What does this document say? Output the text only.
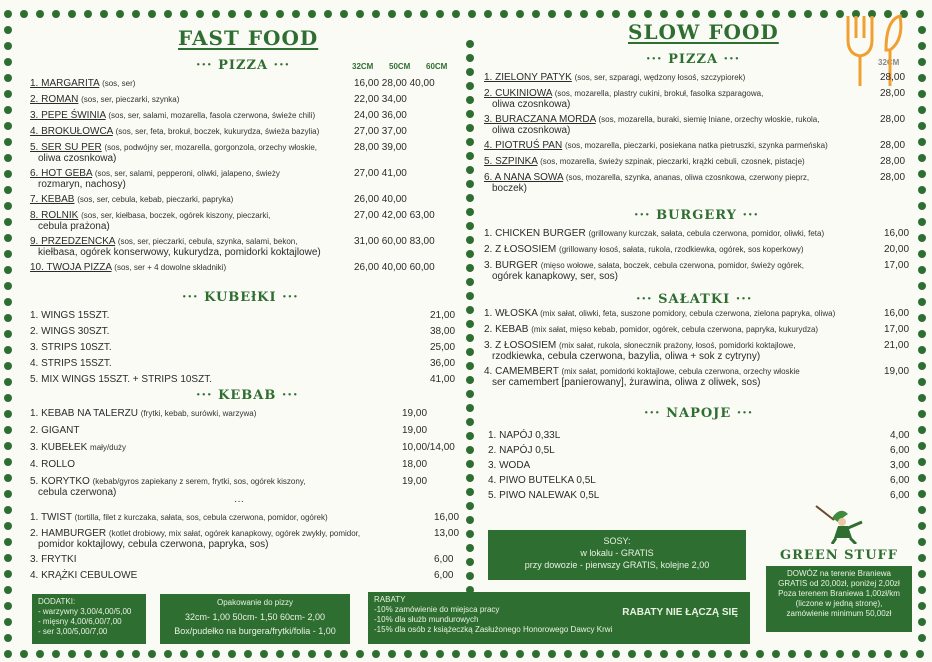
FAST FOOD
··· PIZZA ···	32CM 50CM 60CM
1. MARGARITA (sos, ser)	16,00 28,00 40,00
2. ROMAN (sos, ser, pieczarki, szynka)	22,00 34,00
3. PEPE ŚWINIA (sos, ser, salami, mozarella, fasola czerwona, świeże chili)	24,00 36,00
4. BROKUŁOWCA (sos, ser, feta, brokuł, boczek, kukurydza, świeża bazylia)	27,00 37,00
5. SER SU PER (sos, podwójny ser, mozarella, gorgonzola, orzechy włoskie,	28,00 39,00
oliwa czosnkowa)
6. HOT GEBA (sos, ser, salami, pepperoni, oliwki, jalapeno, świeży	27,00 41,00
rozmaryn, nachosy)
7. KEBAB (sos, ser, cebula, kebab, pieczarki, papryka)	26,00 40,00
8. ROLNIK (sos, ser, kiełbasa, boczek, ogórek kiszony, pieczarki,	27,00 42,00 63,00
cebula prażona)
9. PRZEDZENCKA (sos, ser, pieczarki, cebula, szynka, salami, bekon,	31,00 60,00 83,00
kiełbasa, ogórek konserwowy, kukurydza, pomidorki koktajlowe)
10. TWOJA PIZZA (sos, ser + 4 dowolne składniki)	26,00 40,00 60,00
··· KUBEłKI ···
1. WINGS 15SZT.	21,00
2. WINGS 30SZT.	38,00
3. STRIPS 10SZT.	25,00
4. STRIPS 15SZT.	36,00
5. MIX WINGS 15SZT. + STRIPS 10SZT.	41,00
··· KEBAB ···
1. KEBAB NA TALERZU (frytki, kebab, surówki, warzywa)	19,00
2. GIGANT	19,00
3. KUBEŁEK mały/duży	10,00/14,00
4. ROLLO	18,00
5. KORYTKO (kebab/gyros zapiekany z serem, frytki, sos, ogórek kiszony,	19,00
cebula czerwona)
···
1. TWIST (tortilla, filet z kurczaka, sałata, sos, cebula czerwona, pomidor, ogórek)	16,00
2. HAMBURGER (kotlet drobiowy, mix sałat, ogórek kanapkowy, ogórek zwykły, pomidor,	13,00
pomidor koktajlowy, cebula czerwona, papryka, sos)
3. FRYTKI	6,00
4. KRĄŻKI CEBULOWE	6,00
DODATKI:
- warzywny 3,00/4,00/5,00
- mięsny 4,00/6,00/7,00
- ser 3,00/5,00/7,00
Opakowanie do pizzy
32cm- 1,00 50cm- 1,50 60cm- 2,00
Box/pudełko na burgera/frytki/folia - 1,00
SLOW FOOD
··· PIZZA ···	32CM
1. ZIELONY PATYK (sos, ser, szparagi, wędzony łosoś, szczypiorek)	28,00
2. CUKINIOWA (sos, mozarella, plastry cukini, brokuł, fasolka szparagowa,	28,00
oliwa czosnkowa)
3. BURACZANA MORDA (sos, mozarella, buraki, siemię lniane, orzechy włoskie, rukola,	28,00
oliwa czosnkowa)
4. PIOTRUŚ PAN (sos, mozarella, pieczarki, posiekana natka pietruszki, szynka parmeńska)	28,00
5. SZPINKA (sos, mozarella, świeży szpinak, pieczarki, krążki cebuli, czosnek, pistacje)	28,00
6. A NANA SOWA (sos, mozarella, szynka, ananas, oliwa czosnkowa, czerwony pieprz,	28,00
boczek)
··· BURGERY ···
1. CHICKEN BURGER (grillowany kurczak, sałata, cebula czerwona, pomidor, oliwki, feta)	16,00
2. Z ŁOSOSIEM (grillowany łosoś, sałata, rukola, rzodkiewka, ogórek, sos koperkowy)	20,00
3. BURGER (mięso wołowe, sałata, boczek, cebula czerwona, pomidor, świeży ogórek,	17,00
ogórek kanapkowy, ser, sos)
··· SAŁATKI ···
1. WŁOSKA (mix sałat, oliwki, feta, suszone pomidory, cebula czerwona, zielona papryka, oliwa)	16,00
2. KEBAB (mix sałat, mięso kebab, pomidor, ogórek, cebula czerwona, papryka, kukurydza)	17,00
3. Z ŁOSOSIEM (mix sałat, rukola, słonecznik prażony, łosoś, pomidorki koktajlowe,	21,00
rzodkiewka, cebula czerwona, bazylia, oliwa + sok z cytryny)
4. CAMEMBERT (mix sałat, pomidorki koktajlowe, cebula czerwona, orzechy włoskie	19,00
ser camembert [panierowany], żurawina, oliwa z oliwek, sos)
··· NAPOJE ···
1. NAPÓJ 0,33L	4,00
2. NAPÓJ 0,5L	6,00
3. WODA	3,00
4. PIWO BUTELKA 0,5L	6,00
5. PIWO NALEWAK 0,5L	6,00
SOSY:
w lokalu - GRATIS
przy dowozie - pierwszy GRATIS, kolejne 2,00
RABATY
-10% zamówienie do miejsca pracy
-10% dla służb mundurowych
-15% dla osób z książeczką Zasłużonego Honorowego Dawcy Krwi
RABATY NIE ŁĄCZĄ SIĘ
GREEN STUFF
DOWÓZ na terenie Braniewa
GRATIS od 20,00zł, poniżej 2,00zł
Poza terenem Braniewa 1,00zł/km
(liczone w jedną stronę),
zamówienie minimum 50,00zł
